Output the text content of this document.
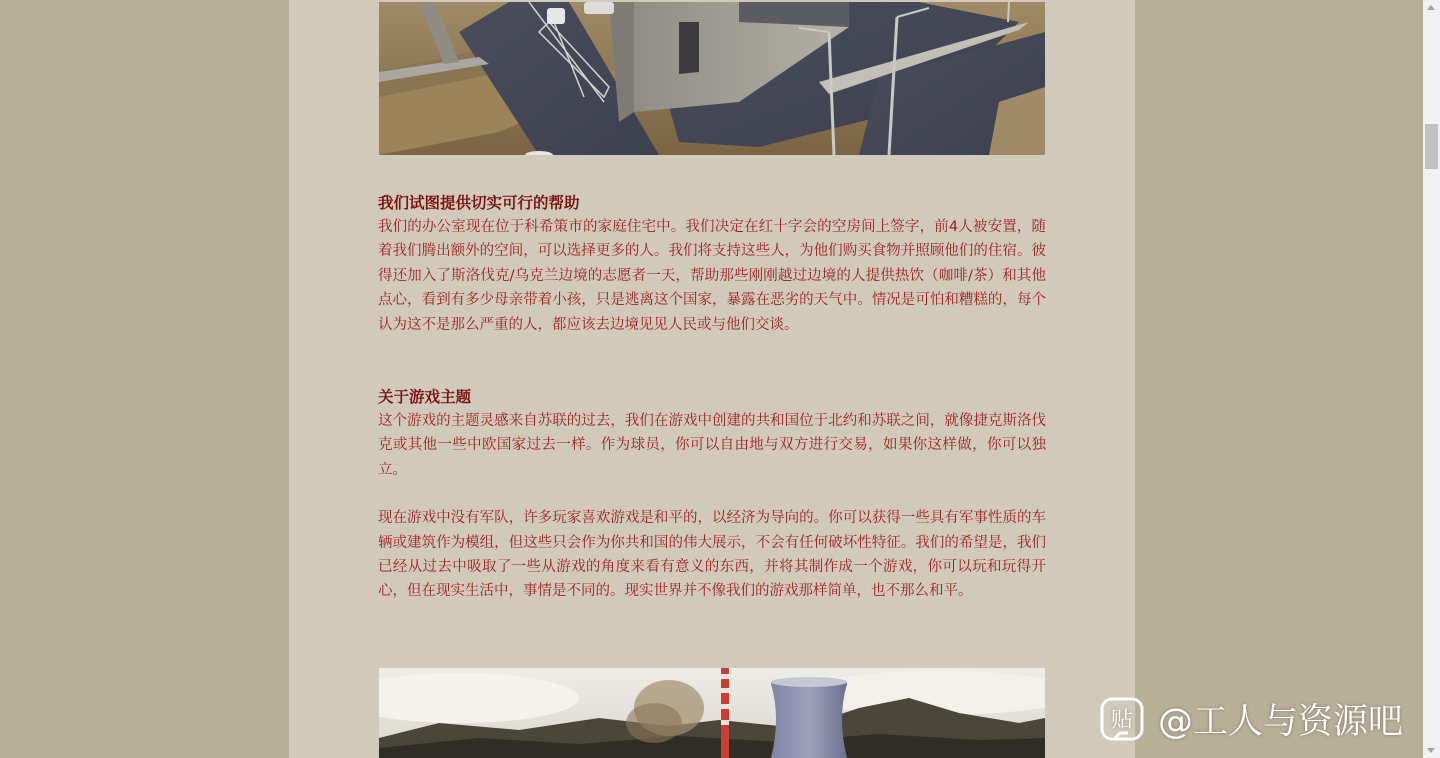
我们试图提供切实可行的帮助

我们的办公室现在位于科希策市的家庭住宅中。我们决定在红十字会的空房间上签字，前4人被安置，随着我们腾出额外的空间，可以选择更多的人。我们将支持这些人，为他们购买食物并照顾他们的住宿。彼得还加入了斯洛伐克/乌克兰边境的志愿者一天，帮助那些刚刚越过边境的人提供热饮（咖啡/茶）和其他点心，看到有多少母亲带着小孩，只是逃离这个国家，暴露在恶劣的天气中。情况是可怕和糟糕的，每个认为这不是那么严重的人，都应该去边境见见人民或与他们交谈。

关于游戏主题

这个游戏的主题灵感来自苏联的过去，我们在游戏中创建的共和国位于北约和苏联之间，就像捷克斯洛伐克或其他一些中欧国家过去一样。作为球员，你可以自由地与双方进行交易，如果你这样做，你可以独立。

现在游戏中没有军队，许多玩家喜欢游戏是和平的，以经济为导向的。你可以获得一些具有军事性质的车辆或建筑作为模组，但这些只会作为你共和国的伟大展示，不会有任何破坏性特征。我们的希望是，我们已经从过去中吸取了一些从游戏的角度来看有意义的东西，并将其制作成一个游戏，你可以玩和玩得开心，但在现实生活中，事情是不同的。现实世界并不像我们的游戏那样简单，也不那么和平。

贴 @工人与资源吧
